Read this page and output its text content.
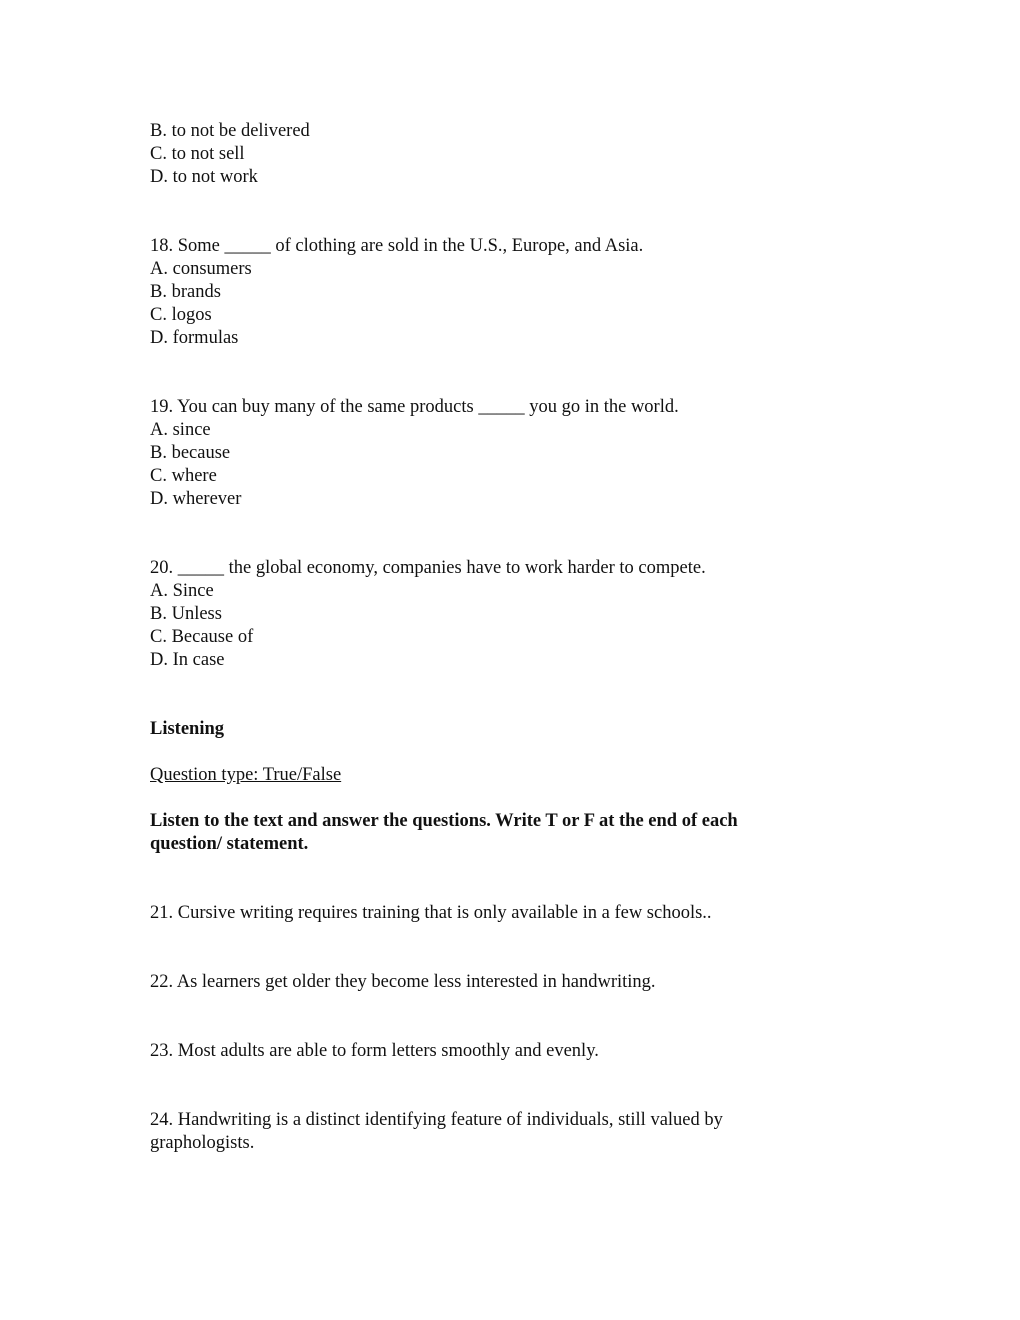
B. to not be delivered

C. to not sell

D. to not work

18. Some _____ of clothing are sold in the U.S., Europe, and Asia.

A. consumers

B. brands

C. logos

D. formulas

19. You can buy many of the same products _____ you go in the world.

A. since

B. because

C. where

D. wherever

20. _____ the global economy, companies have to work harder to compete.

A. Since

B. Unless

C. Because of

D. In case

Listening

Question type: True/False

Listen to the text and answer the questions. Write T or F at the end of each question/ statement.

21. Cursive writing requires training that is only available in a few schools..

22. As learners get older they become less interested in handwriting.

23. Most adults are able to form letters smoothly and evenly.

24. Handwriting is a distinct identifying feature of individuals, still valued by graphologists.
